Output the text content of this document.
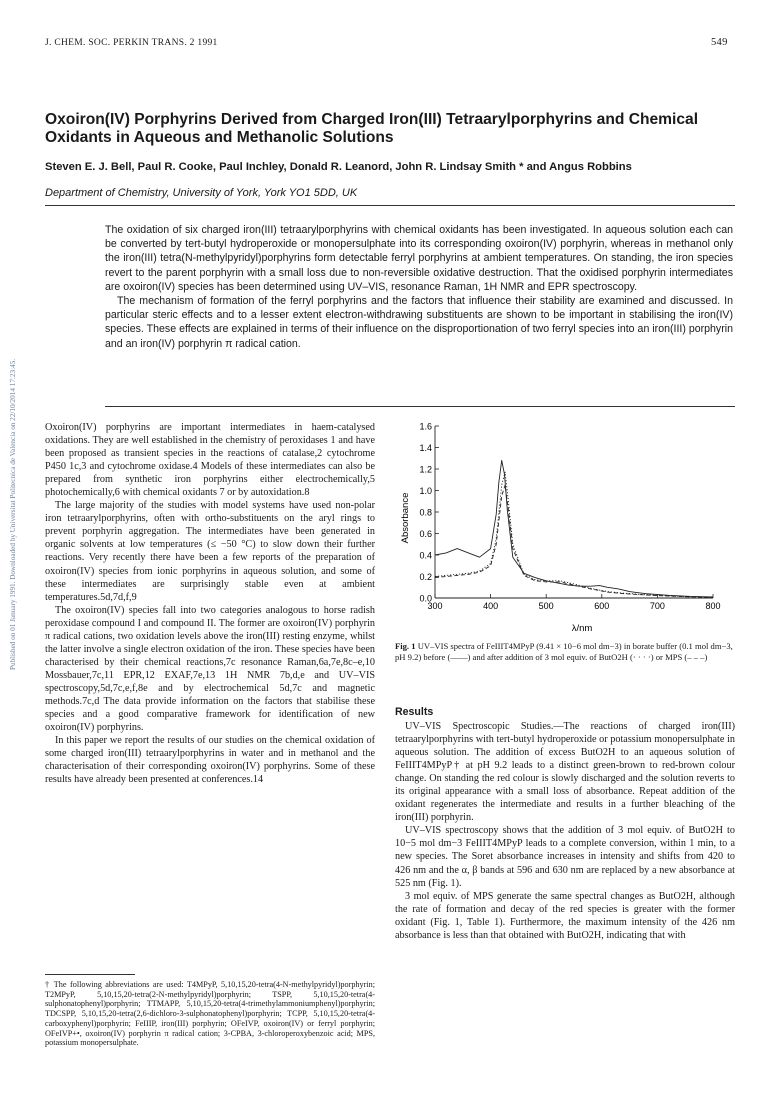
Published on 01 January 1991. Downloaded by Universitat Politecnica de Valencia on 22/10/2014 17:23:45.
J. CHEM. SOC. PERKIN TRANS. 2 1991	549
Oxoiron(IV) Porphyrins Derived from Charged Iron(III) Tetraarylporphyrins and Chemical Oxidants in Aqueous and Methanolic Solutions
Steven E. J. Bell, Paul R. Cooke, Paul Inchley, Donald R. Leanord, John R. Lindsay Smith * and Angus Robbins
Department of Chemistry, University of York, York YO1 5DD, UK

The oxidation of six charged iron(III) tetraarylporphyrins with chemical oxidants has been investigated. In aqueous solution each can be converted by tert-butyl hydroperoxide or monopersulphate into its corresponding oxoiron(IV) porphyrin, whereas in methanol only the iron(III) tetra(N-methylpyridyl)porphyrins form detectable ferryl porphyrins at ambient temperatures. On standing, the iron species revert to the parent porphyrin with a small loss due to non-reversible oxidative destruction. That the oxidised porphyrin intermediates are oxoiron(IV) species has been determined using UV–VIS, resonance Raman, 1H NMR and EPR spectroscopy.

The mechanism of formation of the ferryl porphyrins and the factors that influence their stability are examined and discussed. In particular steric effects and to a lesser extent electron-withdrawing substituents are shown to be important in stabilising the iron(IV) species. These effects are explained in terms of their influence on the disproportionation of two ferryl species into an iron(III) porphyrin and an iron(IV) porphyrin π radical cation.

Oxoiron(IV) porphyrins are important intermediates in haem-catalysed oxidations. They are well established in the chemistry of peroxidases 1 and have been proposed as transient species in the reactions of catalase,2 cytochrome P450 1c,3 and cytochrome oxidase.4 Models of these intermediates can also be prepared from synthetic iron porphyrins either electrochemically,5 photochemically,6 with chemical oxidants 7 or by autoxidation.8

The large majority of the studies with model systems have used non-polar iron tetraarylporphyrins, often with ortho-substituents on the aryl rings to prevent porphyrin aggregation. The intermediates have been generated in organic solvents at low temperatures (≤ −50 °C) to slow down their further reactions. Very recently there have been a few reports of the preparation of oxoiron(IV) species from ionic porphyrins in aqueous solution, and some of these intermediates are surprisingly stable even at ambient temperatures.5d,7d,f,9

The oxoiron(IV) species fall into two categories analogous to horse radish peroxidase compound I and compound II. The former are oxoiron(IV) porphyrin π radical cations, two oxidation levels above the iron(III) resting enzyme, whilst the latter involve a single electron oxidation of the iron. These species have been characterised by their chemical reactions,7c resonance Raman,6a,7e,8c–e,10 Mossbauer,7c,11 EPR,12 EXAF,7e,13 1H NMR 7b,d,e and UV–VIS spectroscopy,5d,7c,e,f,8e and by electrochemical 5d,7c and magnetic methods.7c,d The data provide information on the factors that stabilise these species and a good comparative framework for identification of new oxoiron(IV) porphyrins.

In this paper we report the results of our studies on the chemical oxidation of some charged iron(III) tetraarylporphyrins in water and in methanol and the characterisation of their corresponding oxoiron(IV) porphyrins. Some of these results have already been presented at conferences.14

† The following abbreviations are used: T4MPyP, 5,10,15,20-tetra(4-N-methylpyridyl)porphyrin; T2MPyP, 5,10,15,20-tetra(2-N-methylpyridyl)porphyrin; TSPP, 5,10,15,20-tetra(4-sulphonatophenyl)porphyrin; TTMAPP, 5,10,15,20-tetra(4-trimethylammoniumphenyl)porphyrin; TDCSPP, 5,10,15,20-tetra(2,6-dichloro-3-sulphonatophenyl)porphyrin; TCPP, 5,10,15,20-tetra(4-carboxyphenyl)porphyrin; FeIIIP, iron(III) porphyrin; OFeIVP, oxoiron(IV) or ferryl porphyrin; OFeIVP+•, oxoiron(IV) porphyrin π radical cation; 3-CPBA, 3-chloroperoxybenzoic acid; MPS, potassium monopersulphate.
0.0
0.2
0.4
0.6
0.8
1.0
1.2
1.4
1.6
300	400	500	600	700	800
Absorbance
λ/nm
Fig. 1 UV–VIS spectra of FeIIIT4MPyP (9.41 × 10−6 mol dm−3) in borate buffer (0.1 mol dm−3, pH 9.2) before (——) and after addition of 3 mol equiv. of ButO2H (· · · ·) or MPS (– – –)
Results

UV–VIS Spectroscopic Studies.—The reactions of charged iron(III) tetraarylporphyrins with tert-butyl hydroperoxide or potassium monopersulphate in aqueous solution. The addition of excess ButO2H to an aqueous solution of FeIIIT4MPyP† at pH 9.2 leads to a distinct green-brown to red-brown colour change. On standing the red colour is slowly discharged and the solution reverts to its original appearance with a small loss of absorbance. Repeat addition of the oxidant regenerates the intermediate and results in a further bleaching of the iron(III) porphyrin.

UV–VIS spectroscopy shows that the addition of 3 mol equiv. of ButO2H to 10−5 mol dm−3 FeIIIT4MPyP leads to a complete conversion, within 1 min, to a new species. The Soret absorbance increases in intensity and shifts from 420 to 426 nm and the α, β bands at 596 and 630 nm are replaced by a new absorbance at 525 nm (Fig. 1).

3 mol equiv. of MPS generate the same spectral changes as ButO2H, although the rate of formation and decay of the red species is greater with the former oxidant (Fig. 1, Table 1). Furthermore, the maximum intensity of the 426 nm absorbance is less than that obtained with ButO2H, indicating that with
